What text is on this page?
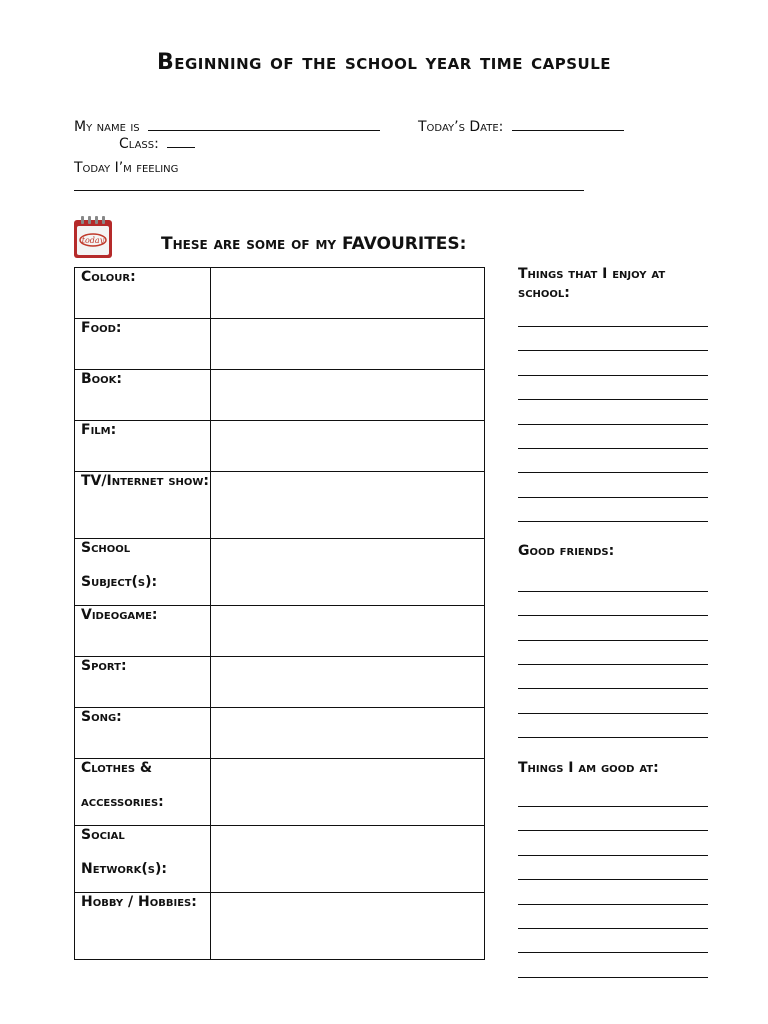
Beginning of the school year time capsule
My name is	Today’s Date:
Class:
Today I’m feeling
today	These are some of my FAVOURITES:
Colour:	

Food:	

Book:	

Film:	

TV/Internet show:	

School Subject(s):	

Videogame:	

Sport:	

Song:	

Clothes & accessories:	

Social Network(s):	

Hobby / Hobbies:	

Things that I enjoy at school:
Good friends:
Things I am good at:
